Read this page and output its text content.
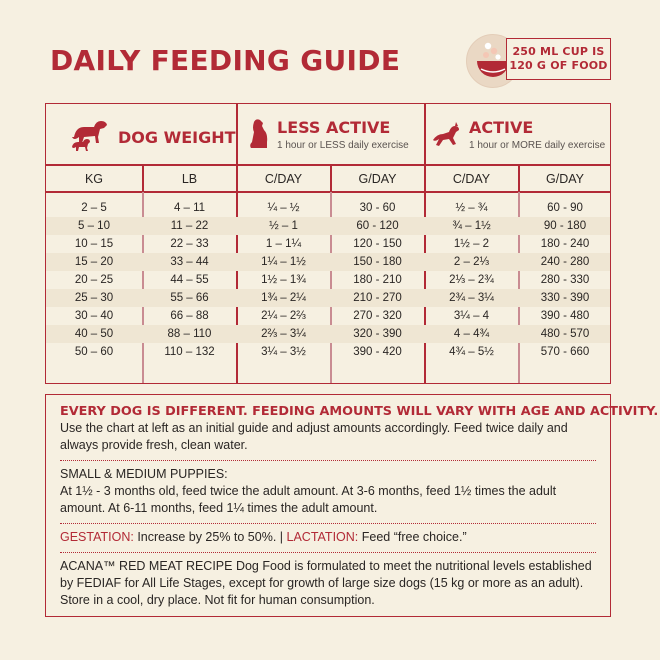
DAILY FEEDING GUIDE	250 ML CUP IS
120 G OF FOOD
DOG WEIGHT
LESS ACTIVE
1 hour or LESS daily exercise
ACTIVE
1 hour or MORE daily exercise
KG	LB	C/DAY	G/DAY	C/DAY	G/DAY
2 – 5	4 – 11	¼ – ½	30 - 60	½ – ¾	60 - 90
5 – 10	11 – 22	½ – 1	60 - 120	¾ – 1½	90 - 180
10 – 15	22 – 33	1 – 1¼	120 - 150	1½ – 2	180 - 240
15 – 20	33 – 44	1¼ – 1½	150 - 180	2 – 2⅓	240 - 280
20 – 25	44 – 55	1½ – 1¾	180 - 210	2⅓ – 2¾	280 - 330
25 – 30	55 – 66	1¾ – 2¼	210 - 270	2¾ – 3¼	330 - 390
30 – 40	66 – 88	2¼ – 2⅔	270 - 320	3¼ – 4	390 - 480
40 – 50	88 – 110	2⅔ – 3¼	320 - 390	4 – 4¾	480 - 570
50 – 60	110 – 132	3¼ – 3½	390 - 420	4¾ – 5½	570 - 660
EVERY DOG IS DIFFERENT. FEEDING AMOUNTS WILL VARY WITH AGE AND ACTIVITY.

Use the chart at left as an initial guide and adjust amounts accordingly. Feed twice daily and always provide fresh, clean water.

SMALL & MEDIUM PUPPIES:

At 1½ - 3 months old, feed twice the adult amount. At 3-6 months, feed 1½ times the adult amount. At 6-11 months, feed 1¼ times the adult amount.

GESTATION: Increase by 25% to 50%. | LACTATION: Feed “free choice.”

ACANA™ RED MEAT RECIPE Dog Food is formulated to meet the nutritional levels established by FEDIAF for All Life Stages, except for growth of large size dogs (15 kg or more as an adult). Store in a cool, dry place. Not fit for human consumption.
